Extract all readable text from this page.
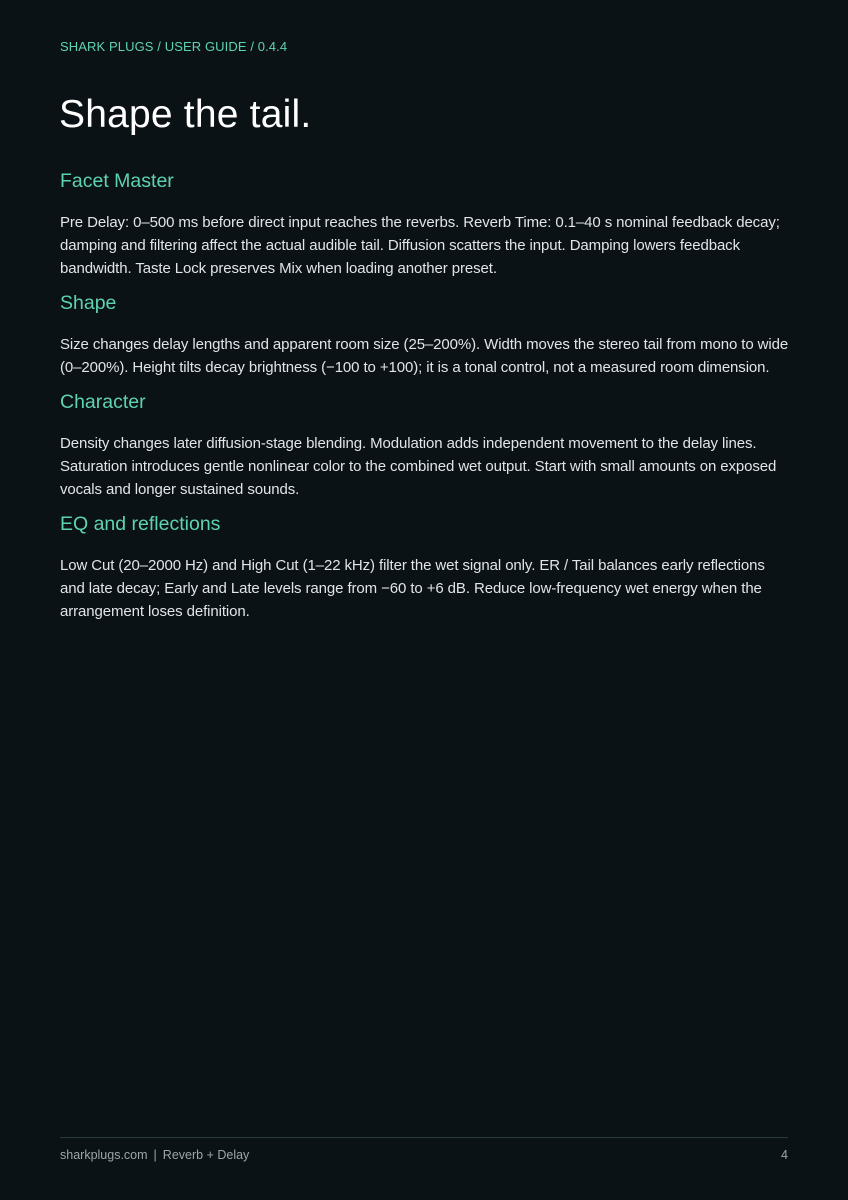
SHARK PLUGS / USER GUIDE / 0.4.4
Shape the tail.
Facet Master

Pre Delay: 0–500 ms before direct input reaches the reverbs. Reverb Time: 0.1–40 s nominal feedback decay; damping and filtering affect the actual audible tail. Diffusion scatters the input. Damping lowers feedback bandwidth. Taste Lock preserves Mix when loading another preset.

Shape

Size changes delay lengths and apparent room size (25–200%). Width moves the stereo tail from mono to wide (0–200%). Height tilts decay brightness (−100 to +100); it is a tonal control, not a measured room dimension.

Character

Density changes later diffusion-stage blending. Modulation adds independent movement to the delay lines. Saturation introduces gentle nonlinear color to the combined wet output. Start with small amounts on exposed vocals and longer sustained sounds.

EQ and reflections

Low Cut (20–2000 Hz) and High Cut (1–22 kHz) filter the wet signal only. ER / Tail balances early reflections and late decay; Early and Late levels range from −60 to +6 dB. Reduce low-frequency wet energy when the arrangement loses definition.

sharkplugs.com | Reverb + Delay	4
